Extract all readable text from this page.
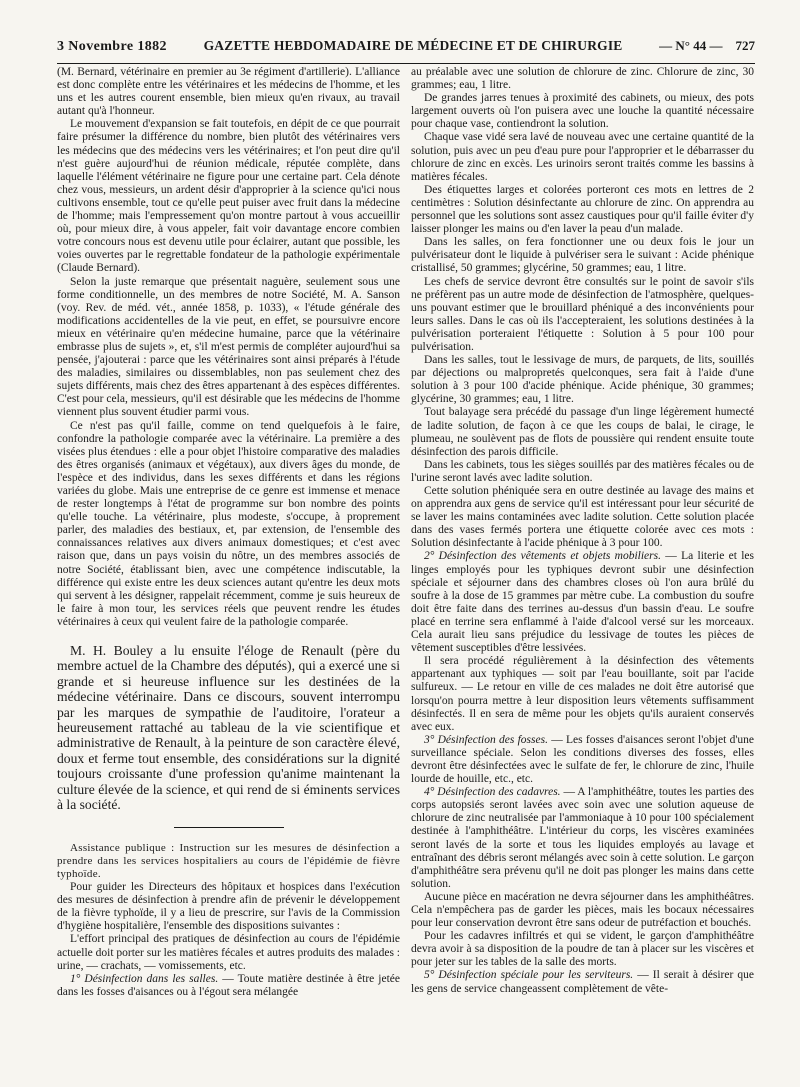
3 Novembre 1882	GAZETTE HEBDOMADAIRE DE MÉDECINE ET DE CHIRURGIE	— N° 44 — 727

(M. Bernard, vétérinaire en premier au 3e régiment d'artillerie). L'alliance est donc complète entre les vétérinaires et les médecins de l'homme, et les uns et les autres courent ensemble, bien mieux qu'en rivaux, au travail autant qu'à l'honneur.

Le mouvement d'expansion se fait toutefois, en dépit de ce que pourrait faire présumer la différence du nombre, bien plutôt des vétérinaires vers les médecins que des médecins vers les vétérinaires; et l'on peut dire qu'il n'est guère aujourd'hui de réunion médicale, réputée complète, dans laquelle l'élément vétérinaire ne figure pour une certaine part. Cela dénote chez vous, messieurs, un ardent désir d'approprier à la science qu'ici nous cultivons ensemble, tout ce qu'elle peut puiser avec fruit dans la médecine de l'homme; mais l'empressement qu'on montre partout à vous accueillir où, pour mieux dire, à vous appeler, fait voir davantage encore combien votre concours nous est devenu utile pour éclairer, autant que possible, les voies ouvertes par le regrettable fondateur de la pathologie expérimentale (Claude Bernard).

Selon la juste remarque que présentait naguère, seulement sous une forme conditionnelle, un des membres de notre Société, M. A. Sanson (voy. Rev. de méd. vét., année 1858, p. 1033), « l'étude générale des modifications accidentelles de la vie peut, en effet, se poursuivre encore mieux en vétérinaire qu'en médecine humaine, parce que la vétérinaire embrasse plus de sujets », et, s'il m'est permis de compléter aujourd'hui sa pensée, j'ajouterai : parce que les vétérinaires sont ainsi préparés à l'étude des maladies, similaires ou dissemblables, non pas seulement chez des sujets différents, mais chez des êtres appartenant à des espèces différentes. C'est pour cela, messieurs, qu'il est désirable que les médecins de l'homme viennent plus souvent étudier parmi vous.

Ce n'est pas qu'il faille, comme on tend quelquefois à le faire, confondre la pathologie comparée avec la vétérinaire. La première a des visées plus étendues : elle a pour objet l'histoire comparative des maladies des êtres organisés (animaux et végétaux), aux divers âges du monde, de l'espèce et des individus, dans les sexes différents et dans les régions variées du globe. Mais une entreprise de ce genre est immense et menace de rester longtemps à l'état de programme sur bon nombre des points qu'elle touche. La vétérinaire, plus modeste, s'occupe, à proprement parler, des maladies des bestiaux, et, par extension, de l'ensemble des connaissances relatives aux divers animaux domestiques; et c'est avec raison que, dans un pays voisin du nôtre, un des membres associés de notre Société, établissant bien, avec une compétence indiscutable, la différence qui existe entre les deux sciences autant qu'entre les deux mots qui servent à les désigner, rappelait récemment, comme je suis heureux de le faire à mon tour, les services réels que peuvent rendre les études vétérinaires à ceux qui veulent faire de la pathologie comparée.

M. H. Bouley a lu ensuite l'éloge de Renault (père du membre actuel de la Chambre des députés), qui a exercé une si grande et si heureuse influence sur les destinées de la médecine vétérinaire. Dans ce discours, souvent interrompu par les marques de sympathie de l'auditoire, l'orateur a heureusement rattaché au tableau de la vie scientifique et administrative de Renault, à la peinture de son caractère élevé, doux et ferme tout ensemble, des considérations sur la dignité toujours croissante d'une profession qu'anime maintenant la culture élevée de la science, et qui rend de si éminents services à la société.

Assistance publique : Instruction sur les mesures de désinfection a prendre dans les services hospitaliers au cours de l'épidémie de fièvre typhoïde.

Pour guider les Directeurs des hôpitaux et hospices dans l'exécution des mesures de désinfection à prendre afin de prévenir le développement de la fièvre typhoïde, il y a lieu de prescrire, sur l'avis de la Commission d'hygiène hospitalière, l'ensemble des dispositions suivantes :

L'effort principal des pratiques de désinfection au cours de l'épidémie actuelle doit porter sur les matières fécales et autres produits des malades : urine, — crachats, — vomissements, etc.

1° Désinfection dans les salles. — Toute matière destinée à être jetée dans les fosses d'aisances ou à l'égout sera mélangée

au préalable avec une solution de chlorure de zinc. Chlorure de zinc, 30 grammes; eau, 1 litre.

De grandes jarres tenues à proximité des cabinets, ou mieux, des pots largement ouverts où l'on puisera avec une louche la quantité nécessaire pour chaque vase, contiendront la solution.

Chaque vase vidé sera lavé de nouveau avec une certaine quantité de la solution, puis avec un peu d'eau pure pour l'approprier et le débarrasser du chlorure de zinc en excès. Les urinoirs seront traités comme les bassins à matières fécales.

Des étiquettes larges et colorées porteront ces mots en lettres de 2 centimètres : Solution désinfectante au chlorure de zinc. On apprendra au personnel que les solutions sont assez caustiques pour qu'il faille éviter d'y laisser plonger les mains ou d'en laver la peau d'un malade.

Dans les salles, on fera fonctionner une ou deux fois le jour un pulvérisateur dont le liquide à pulvériser sera le suivant : Acide phénique cristallisé, 50 grammes; glycérine, 50 grammes; eau, 1 litre.

Les chefs de service devront être consultés sur le point de savoir s'ils ne préfèrent pas un autre mode de désinfection de l'atmosphère, quelques-uns pouvant estimer que le brouillard phéniqué a des inconvénients pour leurs salles. Dans le cas où ils l'accepteraient, les solutions destinées à la pulvérisation porteraient l'étiquette : Solution à 5 pour 100 pour pulvérisation.

Dans les salles, tout le lessivage de murs, de parquets, de lits, souillés par déjections ou malpropretés quelconques, sera fait à l'aide d'une solution à 3 pour 100 d'acide phénique. Acide phénique, 30 grammes; glycérine, 30 grammes; eau, 1 litre.

Tout balayage sera précédé du passage d'un linge légèrement humecté de ladite solution, de façon à ce que les coups de balai, le cirage, le plumeau, ne soulèvent pas de flots de poussière qui rendent ensuite toute désinfection des parois difficile.

Dans les cabinets, tous les sièges souillés par des matières fécales ou de l'urine seront lavés avec ladite solution.

Cette solution phéniquée sera en outre destinée au lavage des mains et on apprendra aux gens de service qu'il est intéressant pour leur sécurité de se laver les mains contaminées avec ladite solution. Cette solution placée dans des vases fermés portera une étiquette colorée avec ces mots : Solution désinfectante à l'acide phénique à 3 pour 100.

2° Désinfection des vêtements et objets mobiliers. — La literie et les linges employés pour les typhiques devront subir une désinfection spéciale et séjourner dans des chambres closes où l'on aura brûlé du soufre à la dose de 15 grammes par mètre cube. La combustion du soufre doit être faite dans des terrines au-dessus d'un bassin d'eau. Le soufre placé en terrine sera enflammé à l'aide d'alcool versé sur les morceaux. Cela aurait lieu sans préjudice du lessivage de toutes les pièces de vêtement susceptibles d'être lessivées.

Il sera procédé régulièrement à la désinfection des vêtements appartenant aux typhiques — soit par l'eau bouillante, soit par l'acide sulfureux. — Le retour en ville de ces malades ne doit être autorisé que lorsqu'on pourra mettre à leur disposition leurs vêtements suffisamment désinfectés. Il en sera de même pour les objets qu'ils auraient conservés avec eux.

3° Désinfection des fosses. — Les fosses d'aisances seront l'objet d'une surveillance spéciale. Selon les conditions diverses des fosses, elles devront être désinfectées avec le sulfate de fer, le chlorure de zinc, l'huile lourde de houille, etc., etc.

4° Désinfection des cadavres. — A l'amphithéâtre, toutes les parties des corps autopsiés seront lavées avec soin avec une solution aqueuse de chlorure de zinc neutralisée par l'ammoniaque à 10 pour 100 spécialement destinée à l'amphithéâtre. L'intérieur du corps, les viscères examinées seront lavés de la sorte et tous les liquides employés au lavage et entraînant des débris seront mélangés avec soin à cette solution. Le garçon d'amphithéâtre sera prévenu qu'il ne doit pas plonger les mains dans cette solution.

Aucune pièce en macération ne devra séjourner dans les amphithéâtres. Cela n'empêchera pas de garder les pièces, mais les bocaux nécessaires pour leur conservation devront être sans odeur de putréfaction et bouchés.

Pour les cadavres infiltrés et qui se vident, le garçon d'amphithéâtre devra avoir à sa disposition de la poudre de tan à placer sur les viscères et pour jeter sur les tables de la salle des morts.

5° Désinfection spéciale pour les serviteurs. — Il serait à désirer que les gens de service changeassent complètement de vête-
